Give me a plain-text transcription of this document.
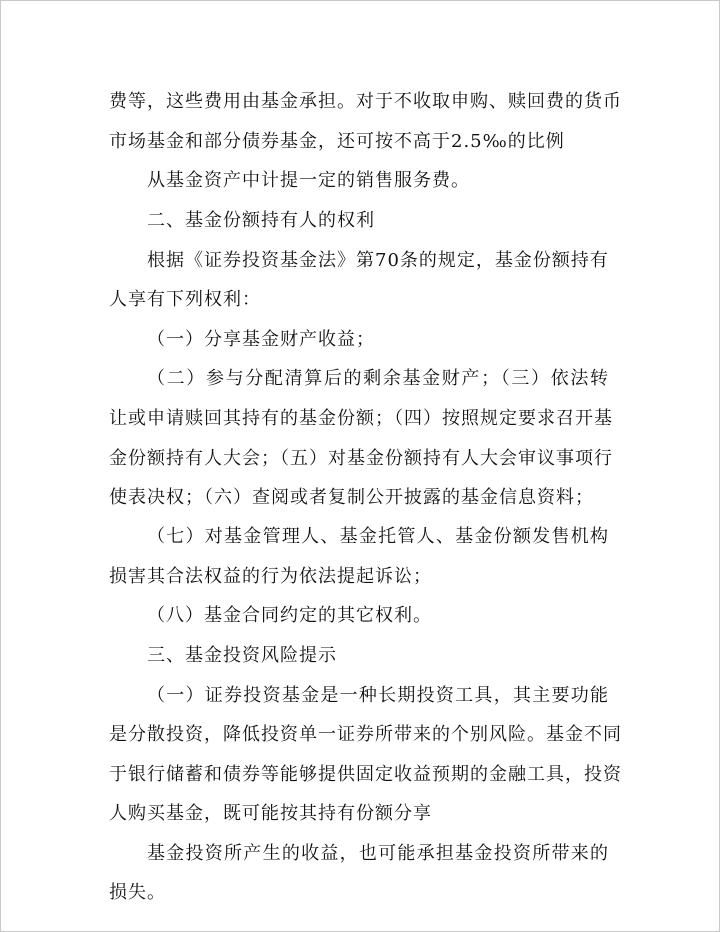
费等，这些费用由基金承担。对于不收取申购、赎回费的货币
市场基金和部分债券基金，还可按不高于2.5‰的比例
从基金资产中计提一定的销售服务费。
二、基金份额持有人的权利
根据《证券投资基金法》第70条的规定，基金份额持有
人享有下列权利：
（一）分享基金财产收益；
（二）参与分配清算后的剩余基金财产；（三）依法转
让或申请赎回其持有的基金份额；（四）按照规定要求召开基
金份额持有人大会；（五）对基金份额持有人大会审议事项行
使表决权；（六）查阅或者复制公开披露的基金信息资料；
（七）对基金管理人、基金托管人、基金份额发售机构
损害其合法权益的行为依法提起诉讼；
（八）基金合同约定的其它权利。
三、基金投资风险提示
（一）证券投资基金是一种长期投资工具，其主要功能
是分散投资，降低投资单一证券所带来的个别风险。基金不同
于银行储蓄和债券等能够提供固定收益预期的金融工具，投资
人购买基金，既可能按其持有份额分享
基金投资所产生的收益，也可能承担基金投资所带来的
损失。
